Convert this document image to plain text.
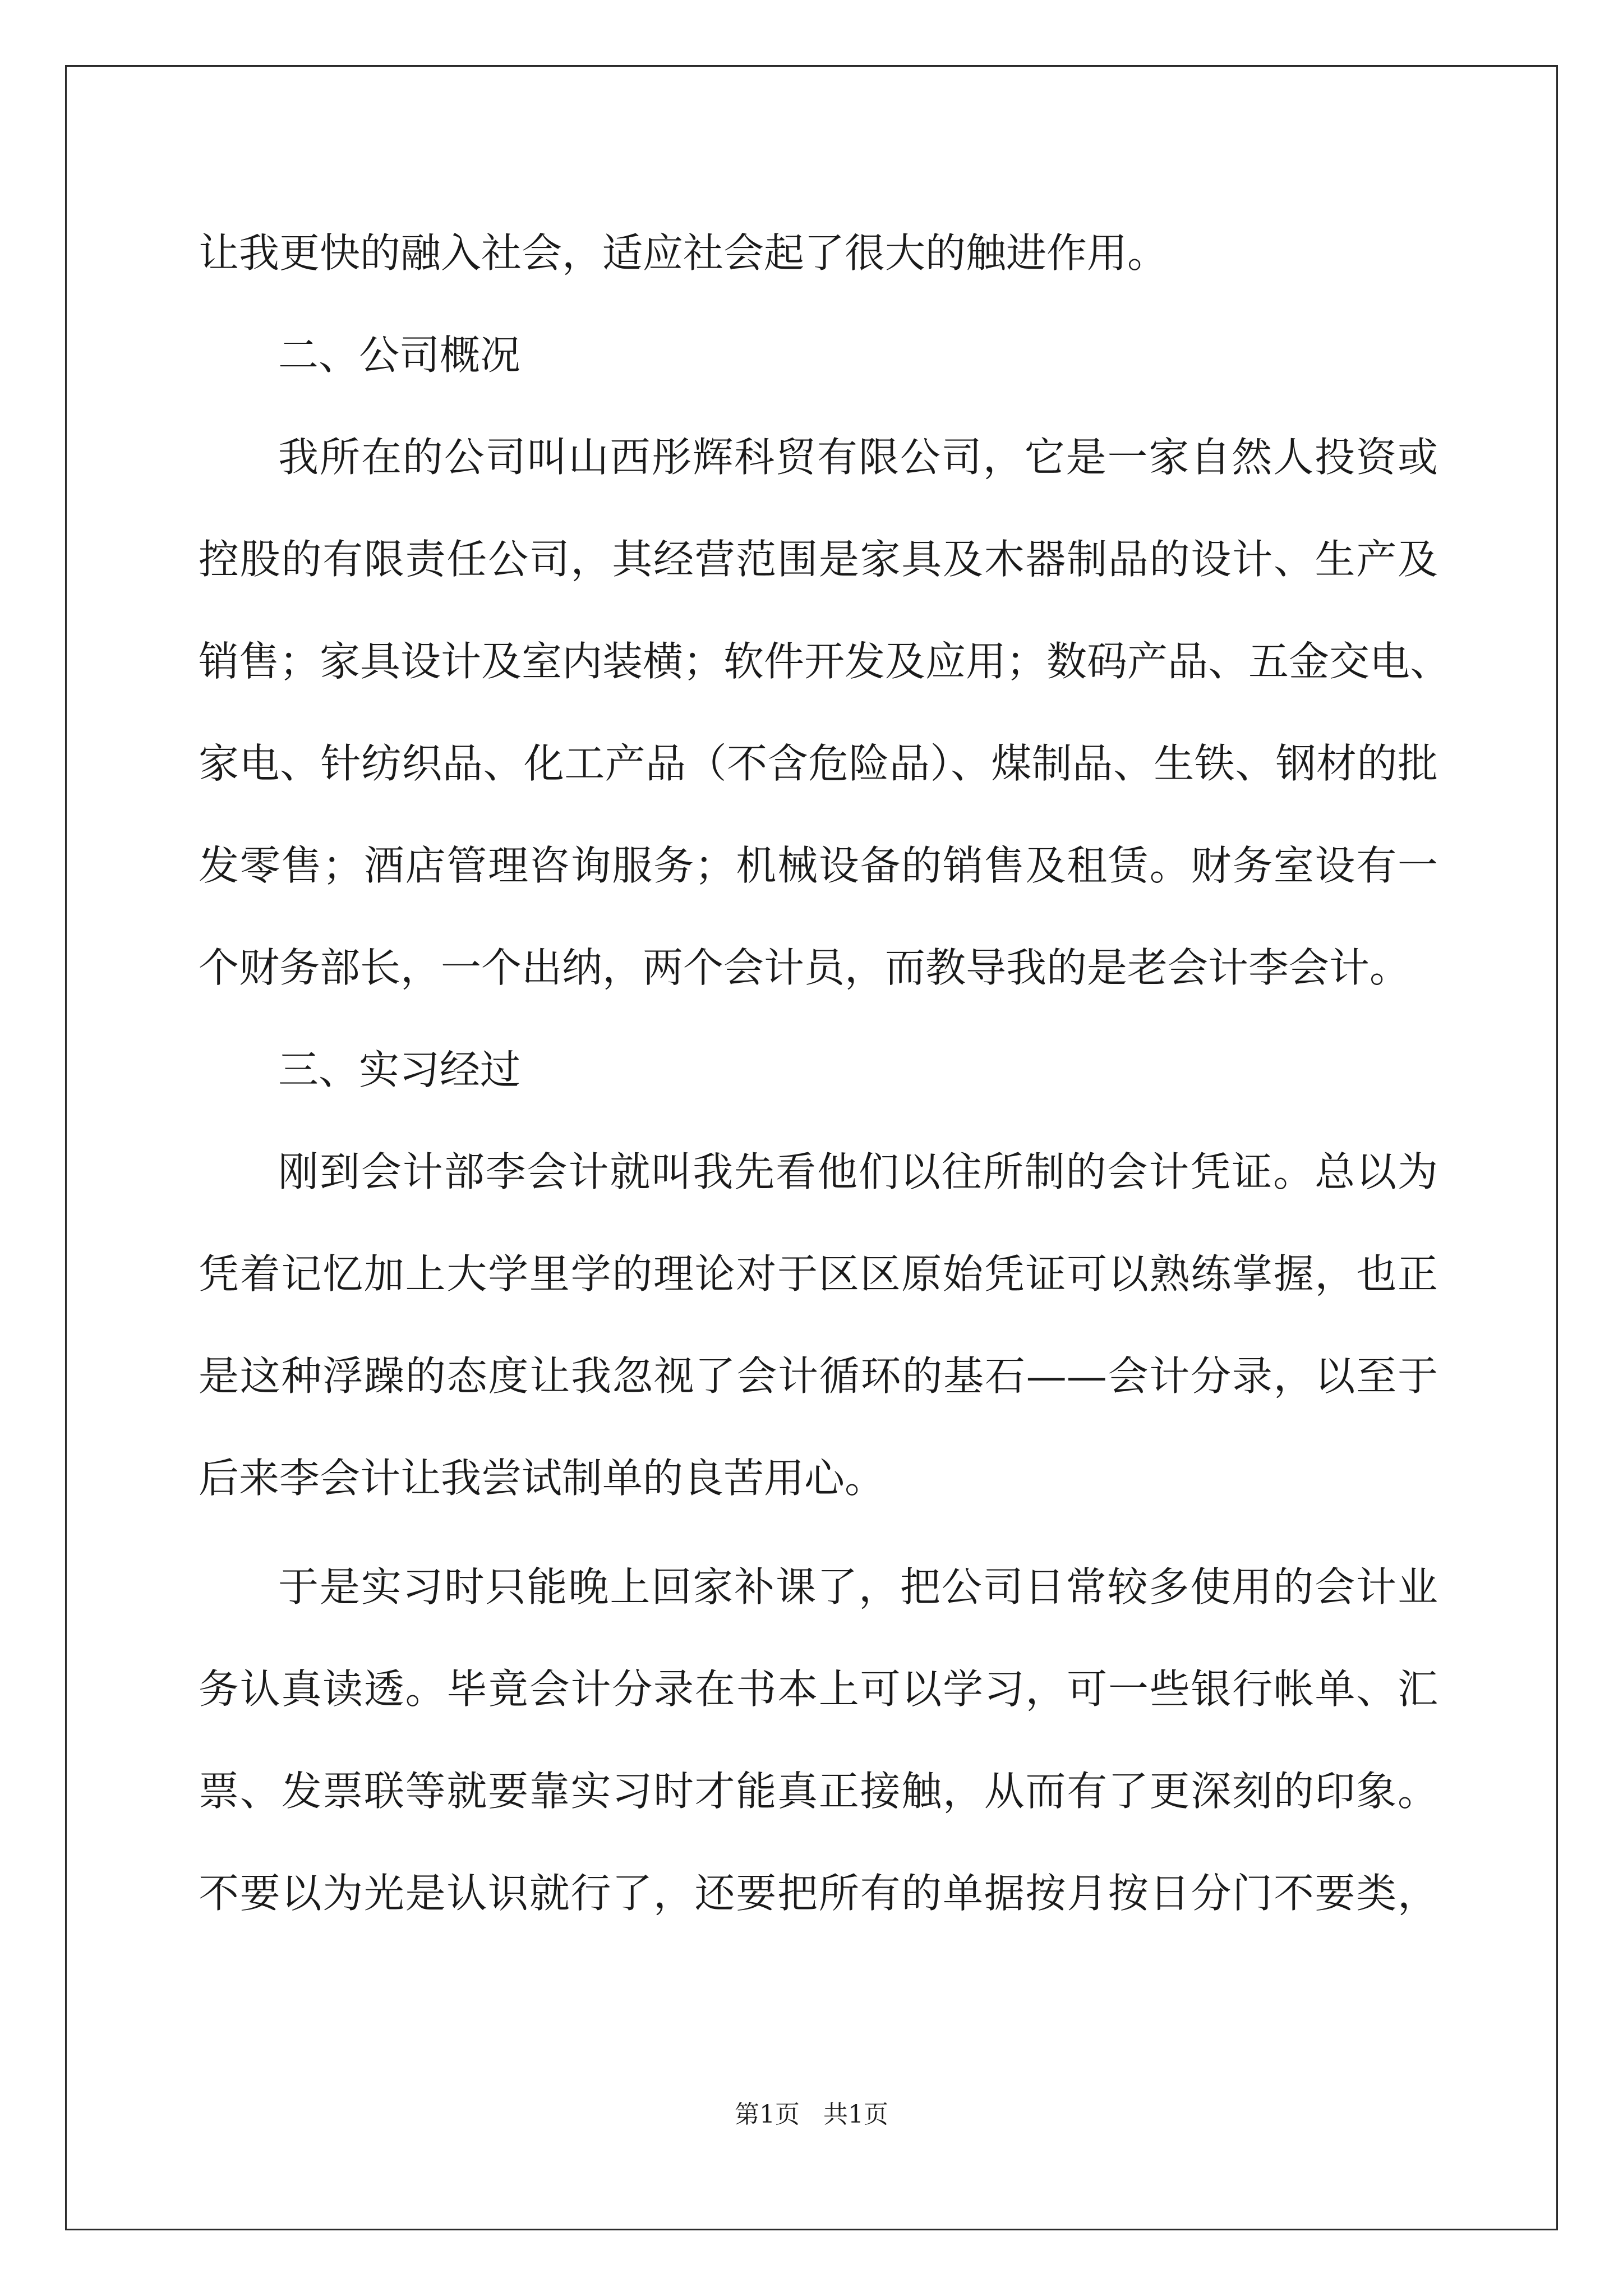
让我更快的融入社会，适应社会起了很大的触进作用。
二、公司概况
我所在的公司叫山西彤辉科贸有限公司，它是一家自然人投资或
控股的有限责任公司，其经营范围是家具及木器制品的设计、生产及
销售；家具设计及室内装横；软件开发及应用；数码产品、五金交电、
家电、针纺织品、化工产品（不含危险品）、煤制品、生铁、钢材的批
发零售；酒店管理咨询服务；机械设备的销售及租赁。财务室设有一
个财务部长，一个出纳，两个会计员，而教导我的是老会计李会计。
三、实习经过
刚到会计部李会计就叫我先看他们以往所制的会计凭证。总以为
凭着记忆加上大学里学的理论对于区区原始凭证可以熟练掌握，也正
是这种浮躁的态度让我忽视了会计循环的基石——会计分录，以至于
后来李会计让我尝试制单的良苦用心。
于是实习时只能晚上回家补课了，把公司日常较多使用的会计业
务认真读透。毕竟会计分录在书本上可以学习，可一些银行帐单、汇
票、发票联等就要靠实习时才能真正接触，从而有了更深刻的印象。
不要以为光是认识就行了，还要把所有的单据按月按日分门不要类，
第1页   共1页
